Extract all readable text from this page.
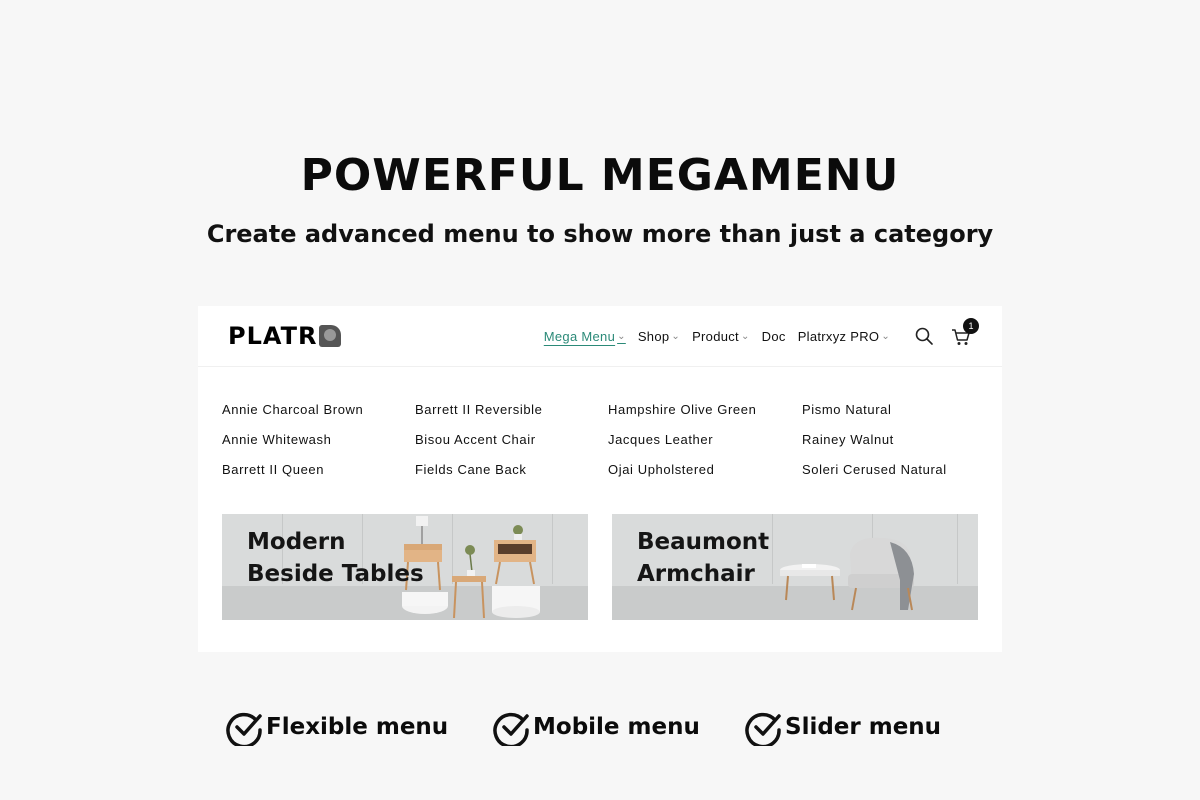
POWERFUL MEGAMENU
Create advanced menu to show more than just a category
PLATR	Mega Menu ⌄ Shop ⌄ Product ⌄ Doc Platrxyz PRO ⌄
1
Annie Charcoal Brown	Barrett II Reversible	Hampshire Olive Green	Pismo Natural
Annie Whitewash	Bisou Accent Chair	Jacques Leather	Rainey Walnut
Barrett II Queen	Fields Cane Back	Ojai Upholstered	Soleri Cerused Natural
Modern
Beside Tables
Beaumont
Armchair
Flexible menu	Mobile menu	Slider menu
